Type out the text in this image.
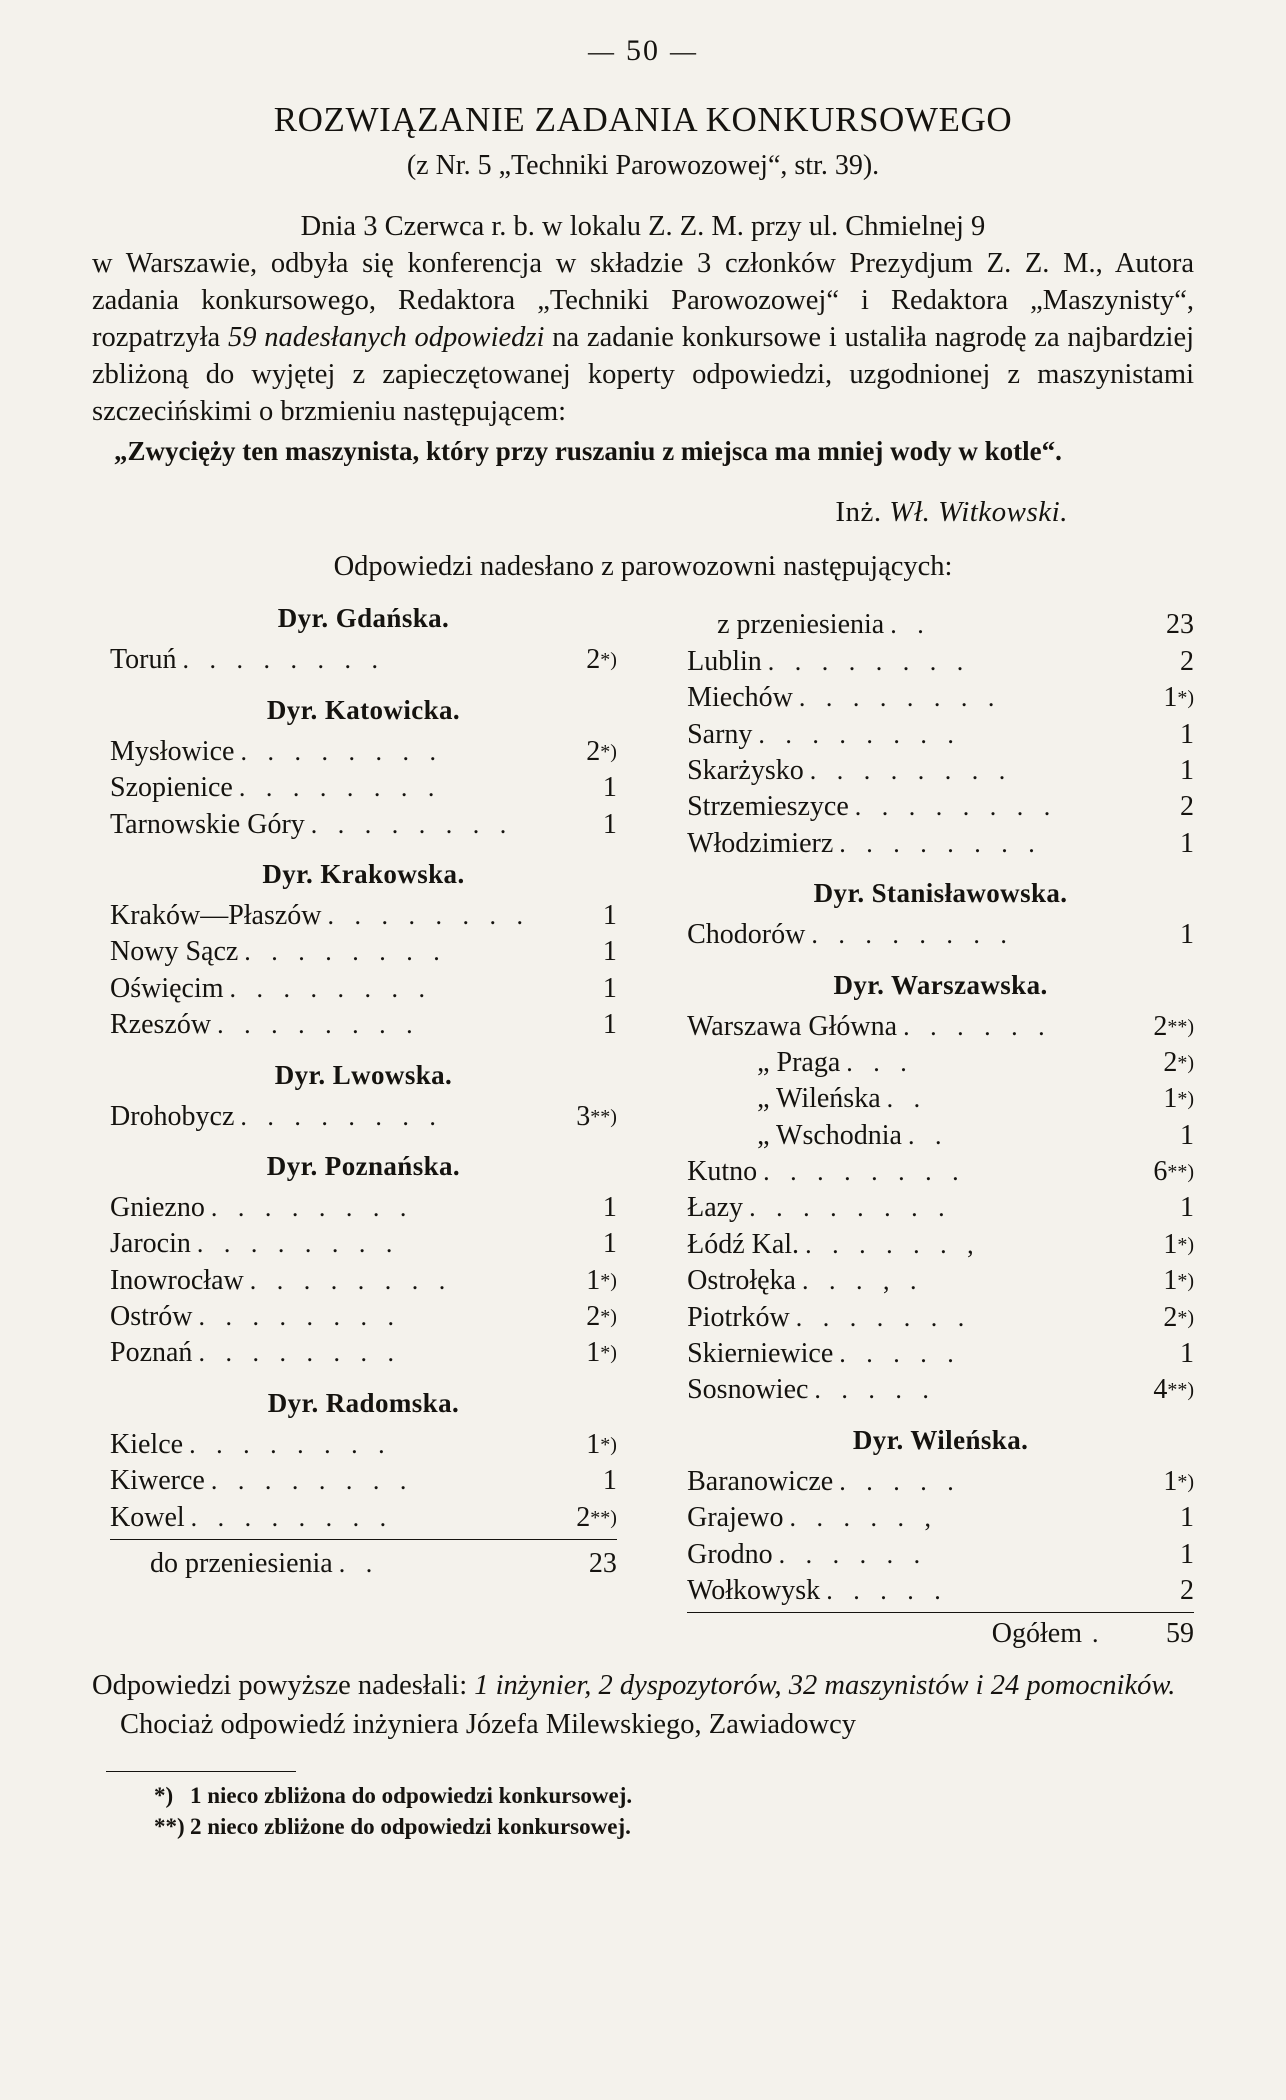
— 50 —
ROZWIĄZANIE ZADANIA KONKURSOWEGO
(z Nr. 5 „Techniki Parowozowej“, str. 39).

Dnia 3 Czerwca r. b. w lokalu Z. Z. M. przy ul. Chmielnej 9
w Warszawie, odbyła się konferencja w składzie 3 członków Prezydjum Z. Z. M., Autora zadania konkursowego, Redaktora „Techniki Parowozowej“ i Redaktora „Maszynisty“, rozpatrzyła 59 nadesłanych odpowiedzi na zadanie konkursowe i ustaliła nagrodę za najbardziej zbliżoną do wyjętej z zapieczętowanej koperty odpowiedzi, uzgodnionej z maszynistami szczecińskimi o brzmieniu następującem:

„Zwycięży ten maszynista, który przy ruszaniu z miejsca ma mniej wody w kotle“.

Inż. Wł. Witkowski.
Odpowiedzi nadesłano z parowozowni następujących:
Dyr. Gdańska.
Toruń . . . . . . . .	2*)
Dyr. Katowicka.
Mysłowice . . . . . . . .	2*)
Szopienice . . . . . . . .	1
Tarnowskie Góry . . . . . . . .	1
Dyr. Krakowska.
Kraków—Płaszów . . . . . . . .	1
Nowy Sącz . . . . . . . .	1
Oświęcim . . . . . . . .	1
Rzeszów . . . . . . . .	1
Dyr. Lwowska.
Drohobycz . . . . . . . .	3**)
Dyr. Poznańska.
Gniezno . . . . . . . .	1
Jarocin . . . . . . . .	1
Inowrocław . . . . . . . .	1*)
Ostrów . . . . . . . .	2*)
Poznań . . . . . . . .	1*)
Dyr. Radomska.
Kielce . . . . . . . .	1*)
Kiwerce . . . . . . . .	1
Kowel . . . . . . . .	2**)
do przeniesienia . .	23
z przeniesienia . .	23
Lublin . . . . . . . .	2
Miechów . . . . . . . .	1*)
Sarny . . . . . . . .	1
Skarżysko . . . . . . . .	1
Strzemieszyce . . . . . . . .	2
Włodzimierz . . . . . . . .	1
Dyr. Stanisławowska.
Chodorów . . . . . . . .	1
Dyr. Warszawska.
Warszawa Główna . . . . . .	2**)
„ Praga . . .	2*)
„ Wileńska . .	1*)
„ Wschodnia . .	1
Kutno . . . . . . . .	6**)
Łazy . . . . . . . .	1
Łódź Kal. . . . . . . ,	1*)
Ostrołęka . . . , .	1*)
Piotrków . . . . . . .	2*)
Skierniewice . . . . .	1
Sosnowiec . . . . .	4**)
Dyr. Wileńska.
Baranowicze . . . . .	1*)
Grajewo . . . . . ,	1
Grodno . . . . . .	1
Wołkowysk . . . . .	2
Ogółem .	59

Odpowiedzi powyższe nadesłali: 1 inżynier, 2 dyspozytorów, 32 maszynistów i 24 pomocników.
Chociaż odpowiedź inżyniera Józefa Milewskiego, Zawiadowcy

*) 1 nieco zbliżona do odpowiedzi konkursowej.
**) 2 nieco zbliżone do odpowiedzi konkursowej.
